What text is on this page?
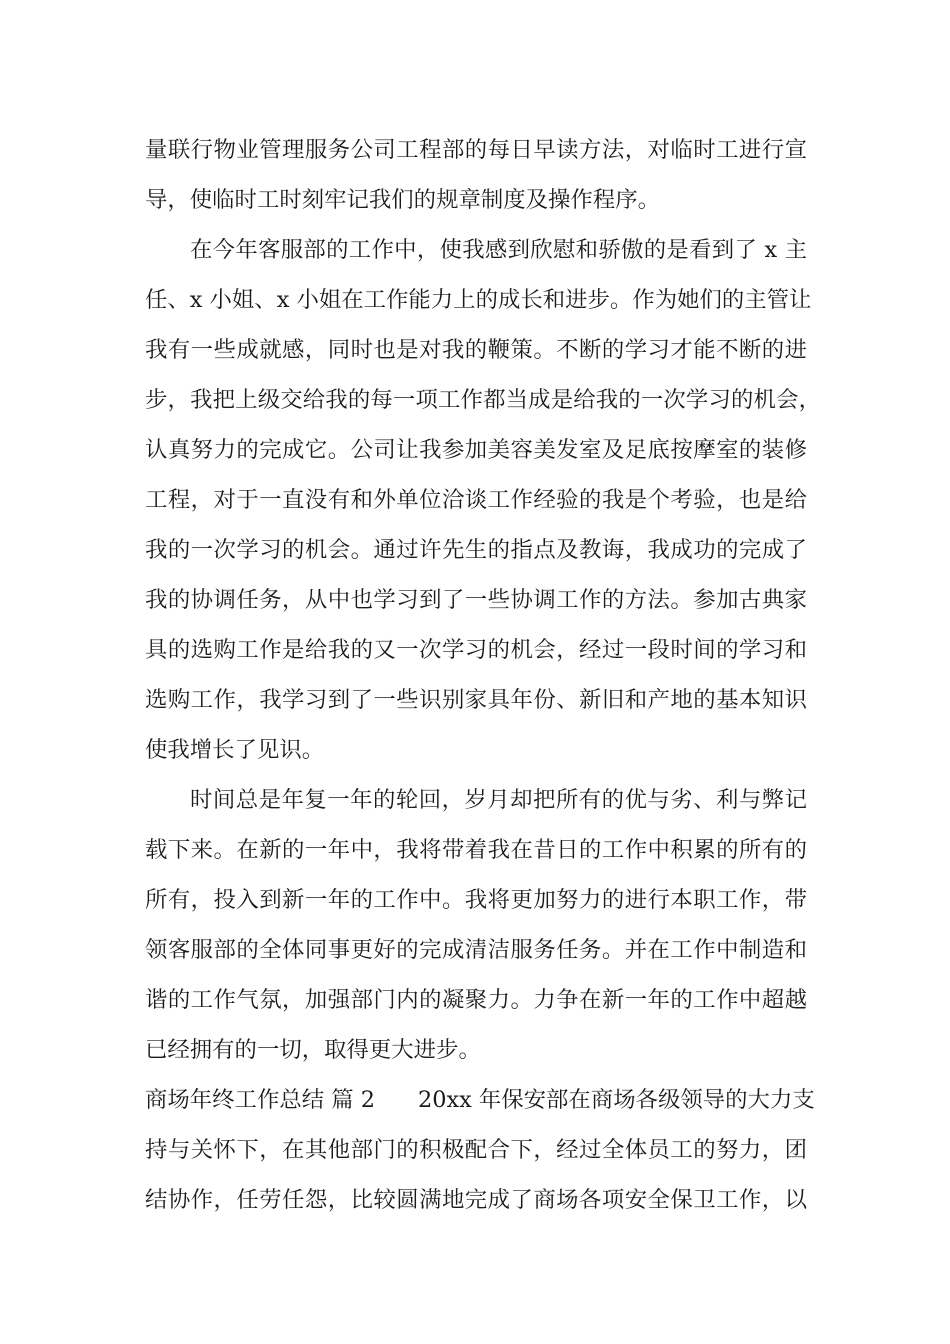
量联行物业管理服务公司工程部的每日早读方法，对临时工进行宣
导，使临时工时刻牢记我们的规章制度及操作程序。
在今年客服部的工作中，使我感到欣慰和骄傲的是看到了 x 主
任、x 小姐、x 小姐在工作能力上的成长和进步。作为她们的主管让
我有一些成就感，同时也是对我的鞭策。不断的学习才能不断的进
步，我把上级交给我的每一项工作都当成是给我的一次学习的机会，
认真努力的完成它。公司让我参加美容美发室及足底按摩室的装修
工程，对于一直没有和外单位洽谈工作经验的我是个考验，也是给
我的一次学习的机会。通过许先生的指点及教诲，我成功的完成了
我的协调任务，从中也学习到了一些协调工作的方法。参加古典家
具的选购工作是给我的又一次学习的机会，经过一段时间的学习和
选购工作，我学习到了一些识别家具年份、新旧和产地的基本知识
使我增长了见识。
时间总是年复一年的轮回，岁月却把所有的优与劣、利与弊记
载下来。在新的一年中，我将带着我在昔日的工作中积累的所有的
所有，投入到新一年的工作中。我将更加努力的进行本职工作，带
领客服部的全体同事更好的完成清洁服务任务。并在工作中制造和
谐的工作气氛，加强部门内的凝聚力。力争在新一年的工作中超越
已经拥有的一切，取得更大进步。
商场年终工作总结 篇 2 20xx 年保安部在商场各级领导的大力支
持与关怀下，在其他部门的积极配合下，经过全体员工的努力，团
结协作，任劳任怨，比较圆满地完成了商场各项安全保卫工作，以
